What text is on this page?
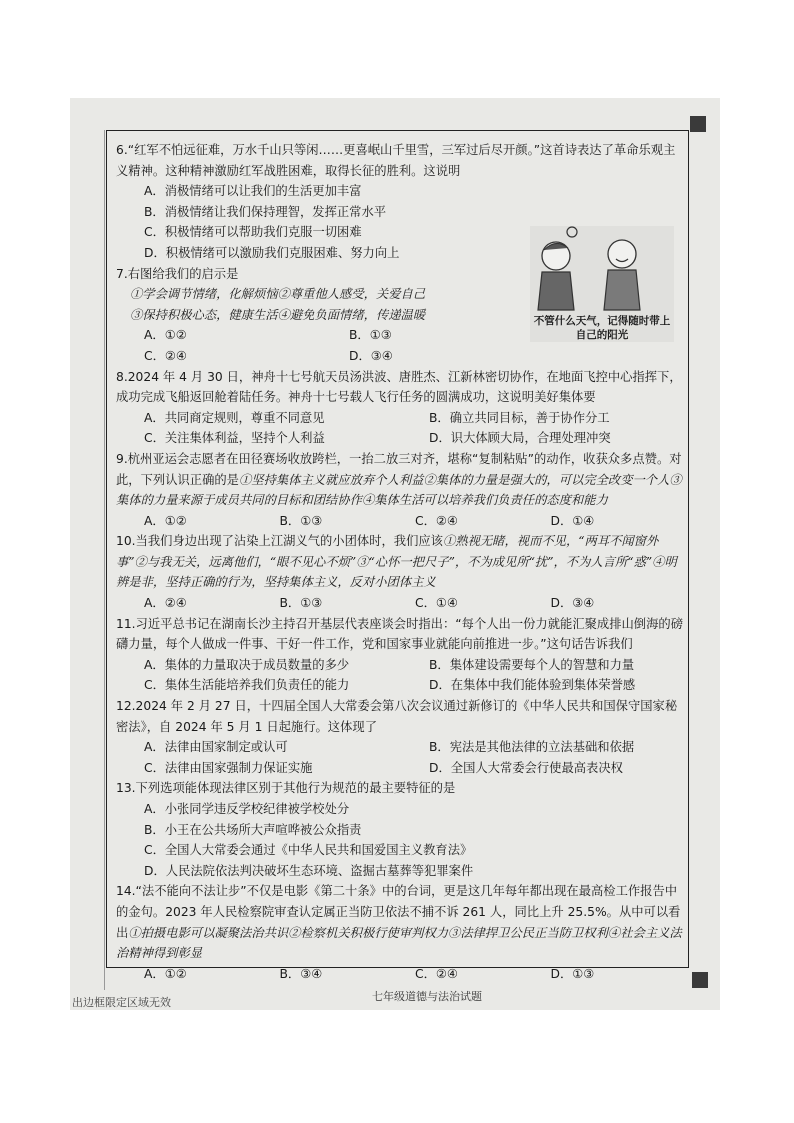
6.“红军不怕远征难，万水千山只等闲……更喜岷山千里雪，三军过后尽开颜。”这首诗表达了革命乐观主义精神。这种精神激励红军战胜困难，取得长征的胜利。这说明

A．消极情绪可以让我们的生活更加丰富
B．消极情绪让我们保持理智，发挥正常水平
C．积极情绪可以帮助我们克服一切困难
D．积极情绪可以激励我们克服困难、努力向上

7.右图给我们的启示是

①学会调节情绪，化解烦恼②尊重他人感受，关爱自己
③保持积极心态，健康生活④避免负面情绪，传递温暖
A．①②	B．①③
C．②④	D．③④

8.2024 年 4 月 30 日，神舟十七号航天员汤洪波、唐胜杰、江新林密切协作，在地面飞控中心指挥下，成功完成飞船返回舱着陆任务。神舟十七号载人飞行任务的圆满成功，这说明美好集体要

A．共同商定规则，尊重不同意见	B．确立共同目标，善于协作分工
C．关注集体利益，坚持个人利益	D．识大体顾大局，合理处理冲突

9.杭州亚运会志愿者在田径赛场收放跨栏，一抬二放三对齐，堪称“复制粘贴”的动作，收获众多点赞。对此，下列认识正确的是①坚持集体主义就应放弃个人利益②集体的力量是强大的，可以完全改变一个人③集体的力量来源于成员共同的目标和团结协作④集体生活可以培养我们负责任的态度和能力

A．①②	B．①③	C．②④	D．①④

10.当我们身边出现了沾染上江湖义气的小团体时，我们应该①熟视无睹，视而不见，“两耳不闻窗外事”②与我无关，远离他们，“眼不见心不烦”③“心怀一把尺子”，不为成见所“扰”，不为人言所“惑”④明辨是非，坚持正确的行为，坚持集体主义，反对小团体主义

A．②④	B．①③	C．①④	D．③④

11.习近平总书记在湖南长沙主持召开基层代表座谈会时指出：“每个人出一份力就能汇聚成排山倒海的磅礴力量，每个人做成一件事、干好一件工作，党和国家事业就能向前推进一步。”这句话告诉我们

A．集体的力量取决于成员数量的多少	B．集体建设需要每个人的智慧和力量
C．集体生活能培养我们负责任的能力	D．在集体中我们能体验到集体荣誉感

12.2024 年 2 月 27 日，十四届全国人大常委会第八次会议通过新修订的《中华人民共和国保守国家秘密法》，自 2024 年 5 月 1 日起施行。这体现了

A．法律由国家制定或认可	B．宪法是其他法律的立法基础和依据
C．法律由国家强制力保证实施	D．全国人大常委会行使最高表决权

13.下列选项能体现法律区别于其他行为规范的最主要特征的是

A．小张同学违反学校纪律被学校处分
B．小王在公共场所大声喧哗被公众指责
C．全国人大常委会通过《中华人民共和国爱国主义教育法》
D．人民法院依法判决破坏生态环境、盗掘古墓葬等犯罪案件

14.“法不能向不法让步”不仅是电影《第二十条》中的台词，更是这几年每年都出现在最高检工作报告中的金句。2023 年人民检察院审查认定属正当防卫依法不捕不诉 261 人，同比上升 25.5%。从中可以看出①拍摄电影可以凝聚法治共识②检察机关积极行使审判权力③法律捍卫公民正当防卫权利④社会主义法治精神得到彰显

A．①②	B．③④	C．②④	D．①③
不管什么天气，记得随时带上自己的阳光
出边框限定区域无效	七年级道德与法治试题
